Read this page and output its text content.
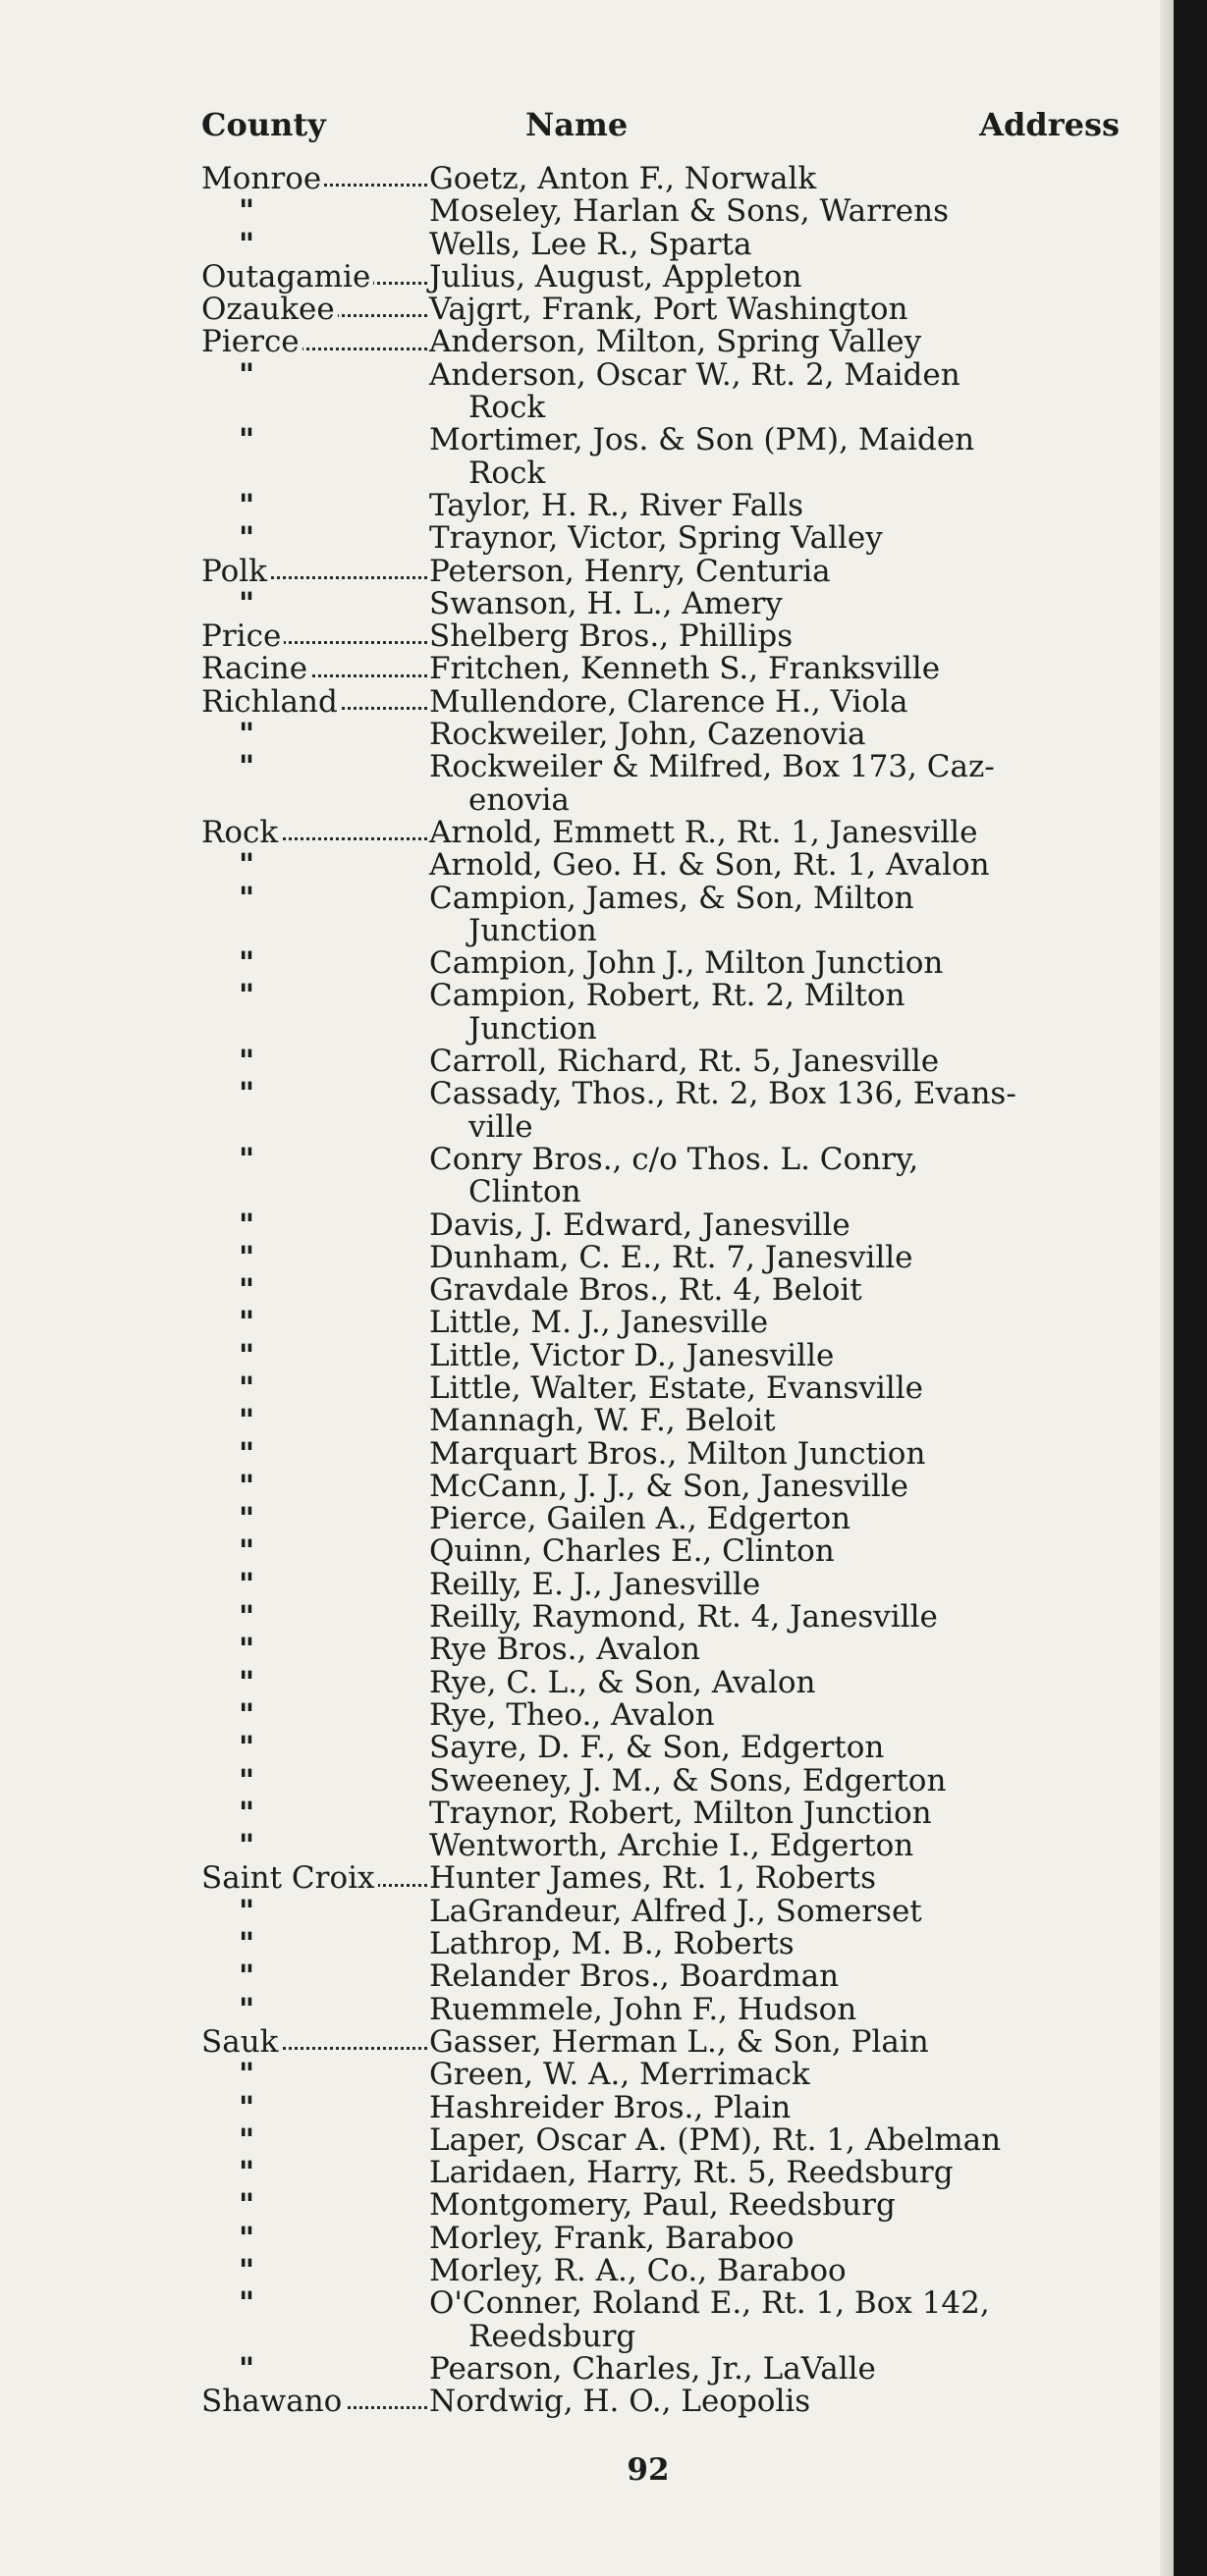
County	Name	Address
Monroe	Goetz, Anton F., Norwalk
"	Moseley, Harlan & Sons, Warrens
"	Wells, Lee R., Sparta
Outagamie	Julius, August, Appleton
Ozaukee	Vajgrt, Frank, Port Washington
Pierce	Anderson, Milton, Spring Valley
"	Anderson, Oscar W., Rt. 2, Maiden
Rock
"	Mortimer, Jos. & Son (PM), Maiden
Rock
"	Taylor, H. R., River Falls
"	Traynor, Victor, Spring Valley
Polk	Peterson, Henry, Centuria
"	Swanson, H. L., Amery
Price	Shelberg Bros., Phillips
Racine	Fritchen, Kenneth S., Franksville
Richland	Mullendore, Clarence H., Viola
"	Rockweiler, John, Cazenovia
"	Rockweiler & Milfred, Box 173, Caz-
enovia
Rock	Arnold, Emmett R., Rt. 1, Janesville
"	Arnold, Geo. H. & Son, Rt. 1, Avalon
"	Campion, James, & Son, Milton
Junction
"	Campion, John J., Milton Junction
"	Campion, Robert, Rt. 2, Milton
Junction
"	Carroll, Richard, Rt. 5, Janesville
"	Cassady, Thos., Rt. 2, Box 136, Evans-
ville
"	Conry Bros., c/o Thos. L. Conry,
Clinton
"	Davis, J. Edward, Janesville
"	Dunham, C. E., Rt. 7, Janesville
"	Gravdale Bros., Rt. 4, Beloit
"	Little, M. J., Janesville
"	Little, Victor D., Janesville
"	Little, Walter, Estate, Evansville
"	Mannagh, W. F., Beloit
"	Marquart Bros., Milton Junction
"	McCann, J. J., & Son, Janesville
"	Pierce, Gailen A., Edgerton
"	Quinn, Charles E., Clinton
"	Reilly, E. J., Janesville
"	Reilly, Raymond, Rt. 4, Janesville
"	Rye Bros., Avalon
"	Rye, C. L., & Son, Avalon
"	Rye, Theo., Avalon
"	Sayre, D. F., & Son, Edgerton
"	Sweeney, J. M., & Sons, Edgerton
"	Traynor, Robert, Milton Junction
"	Wentworth, Archie I., Edgerton
Saint Croix	Hunter James, Rt. 1, Roberts
"	LaGrandeur, Alfred J., Somerset
"	Lathrop, M. B., Roberts
"	Relander Bros., Boardman
"	Ruemmele, John F., Hudson
Sauk	Gasser, Herman L., & Son, Plain
"	Green, W. A., Merrimack
"	Hashreider Bros., Plain
"	Laper, Oscar A. (PM), Rt. 1, Abelman
"	Laridaen, Harry, Rt. 5, Reedsburg
"	Montgomery, Paul, Reedsburg
"	Morley, Frank, Baraboo
"	Morley, R. A., Co., Baraboo
"	O'Conner, Roland E., Rt. 1, Box 142,
Reedsburg
"	Pearson, Charles, Jr., LaValle
Shawano	Nordwig, H. O., Leopolis
92
